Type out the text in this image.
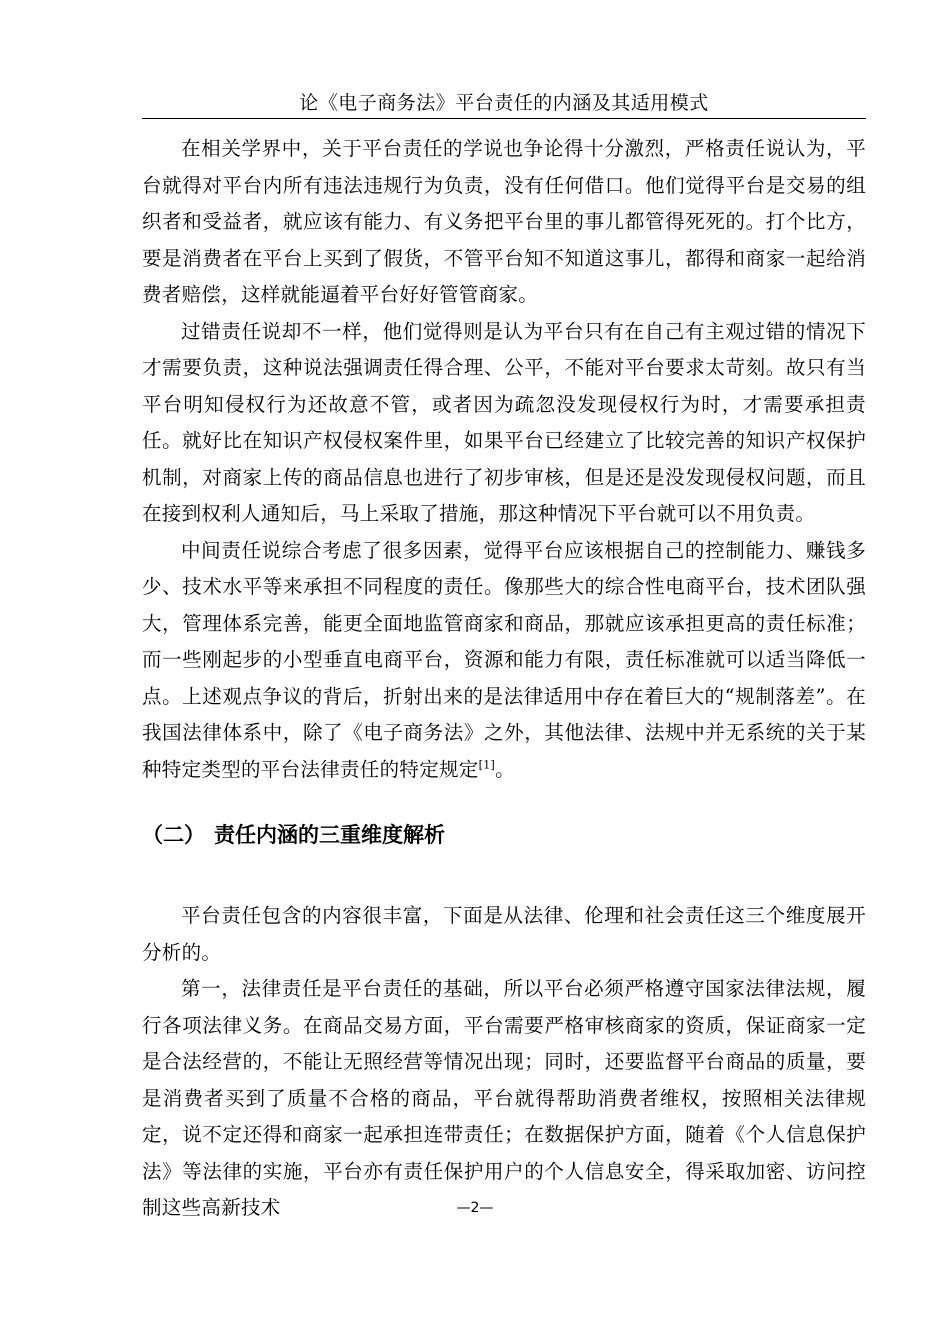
论《电子商务法》平台责任的内涵及其适用模式

在相关学界中，关于平台责任的学说也争论得十分激烈，严格责任说认为，平台就得对平台内所有违法违规行为负责，没有任何借口。他们觉得平台是交易的组织者和受益者，就应该有能力、有义务把平台里的事儿都管得死死的。打个比方，要是消费者在平台上买到了假货，不管平台知不知道这事儿，都得和商家一起给消费者赔偿，这样就能逼着平台好好管管商家。

过错责任说却不一样，他们觉得则是认为平台只有在自己有主观过错的情况下才需要负责，这种说法强调责任得合理、公平，不能对平台要求太苛刻。故只有当平台明知侵权行为还故意不管，或者因为疏忽没发现侵权行为时，才需要承担责任。就好比在知识产权侵权案件里，如果平台已经建立了比较完善的知识产权保护机制，对商家上传的商品信息也进行了初步审核，但是还是没发现侵权问题，而且在接到权利人通知后，马上采取了措施，那这种情况下平台就可以不用负责。

中间责任说综合考虑了很多因素，觉得平台应该根据自己的控制能力、赚钱多少、技术水平等来承担不同程度的责任。像那些大的综合性电商平台，技术团队强大，管理体系完善，能更全面地监管商家和商品，那就应该承担更高的责任标准；而一些刚起步的小型垂直电商平台，资源和能力有限，责任标准就可以适当降低一点。上述观点争议的背后，折射出来的是法律适用中存在着巨大的“规制落差”。在我国法律体系中，除了《电子商务法》之外，其他法律、法规中并无系统的关于某种特定类型的平台法律责任的特定规定[1]。

（二） 责任内涵的三重维度解析

平台责任包含的内容很丰富，下面是从法律、伦理和社会责任这三个维度展开分析的。

第一，法律责任是平台责任的基础，所以平台必须严格遵守国家法律法规，履行各项法律义务。在商品交易方面，平台需要严格审核商家的资质，保证商家一定是合法经营的，不能让无照经营等情况出现；同时，还要监督平台商品的质量，要是消费者买到了质量不合格的商品，平台就得帮助消费者维权，按照相关法律规定，说不定还得和商家一起承担连带责任；在数据保护方面，随着《个人信息保护法》等法律的实施，平台亦有责任保护用户的个人信息安全，得采取加密、访问控制这些高新技术	—2—
